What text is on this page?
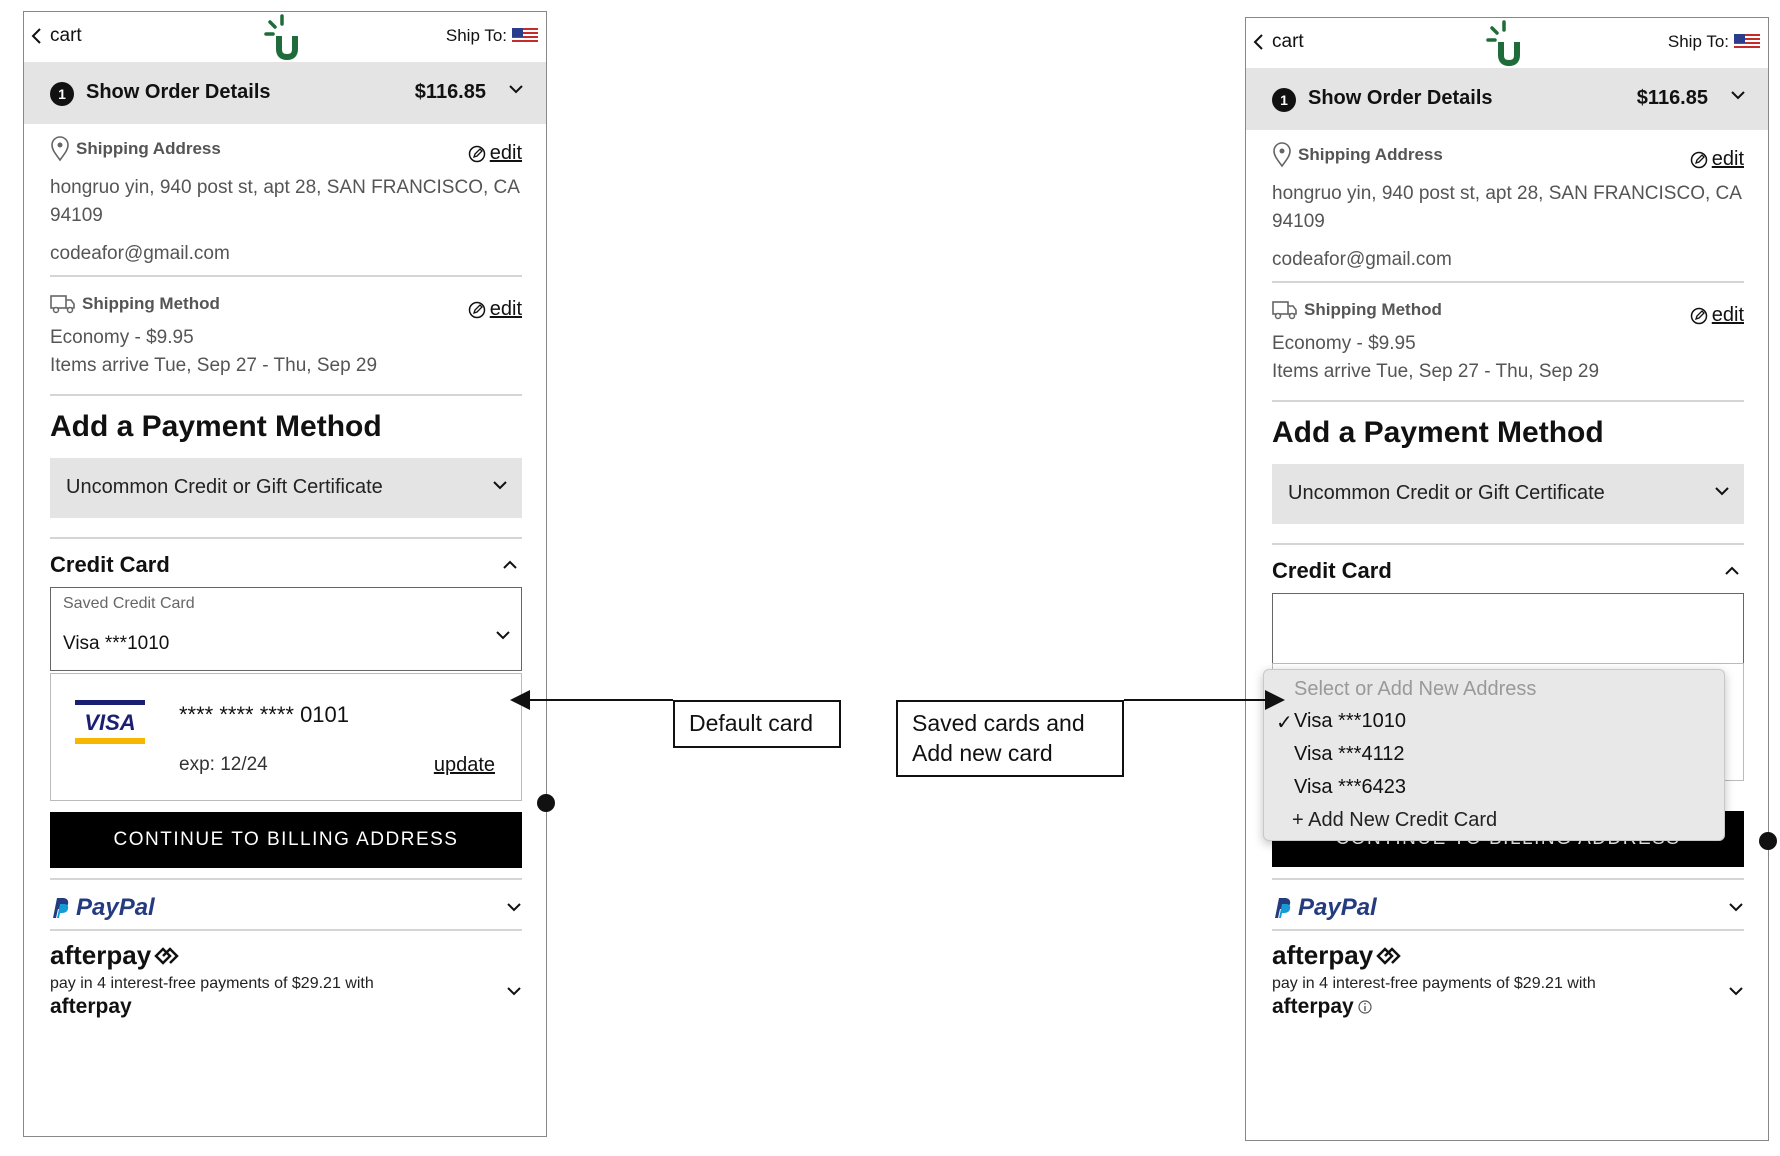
cart	Ship To:
1	Show Order Details	$116.85
Shipping Address	edit
hongruo yin, 940 post st, apt 28, SAN FRANCISCO, CA 94109
codeafor@gmail.com
Shipping Method	edit
Economy - $9.95
Items arrive Tue, Sep 27 - Thu, Sep 29
Add a Payment Method
Uncommon Credit or Gift Certificate
Credit Card
Saved Credit Card
Visa ***1010
VISA **** **** **** 0101
exp: 12/24	update
CONTINUE TO BILLING ADDRESS
PayPal
afterpay
pay in 4 interest-free payments of $29.21 with
afterpay
cart	Ship To:
1	Show Order Details	$116.85
Shipping Address	edit
hongruo yin, 940 post st, apt 28, SAN FRANCISCO, CA 94109
codeafor@gmail.com
Shipping Method	edit
Economy - $9.95
Items arrive Tue, Sep 27 - Thu, Sep 29
Add a Payment Method
Uncommon Credit or Gift Certificate
Credit Card
PayPal
afterpay
pay in 4 interest-free payments of $29.21 with
afterpay
Select or Add New Address
✓ Visa ***1010
Visa ***4112
Visa ***6423
+ Add New Credit Card
Default card	Saved cards and
Add new card
